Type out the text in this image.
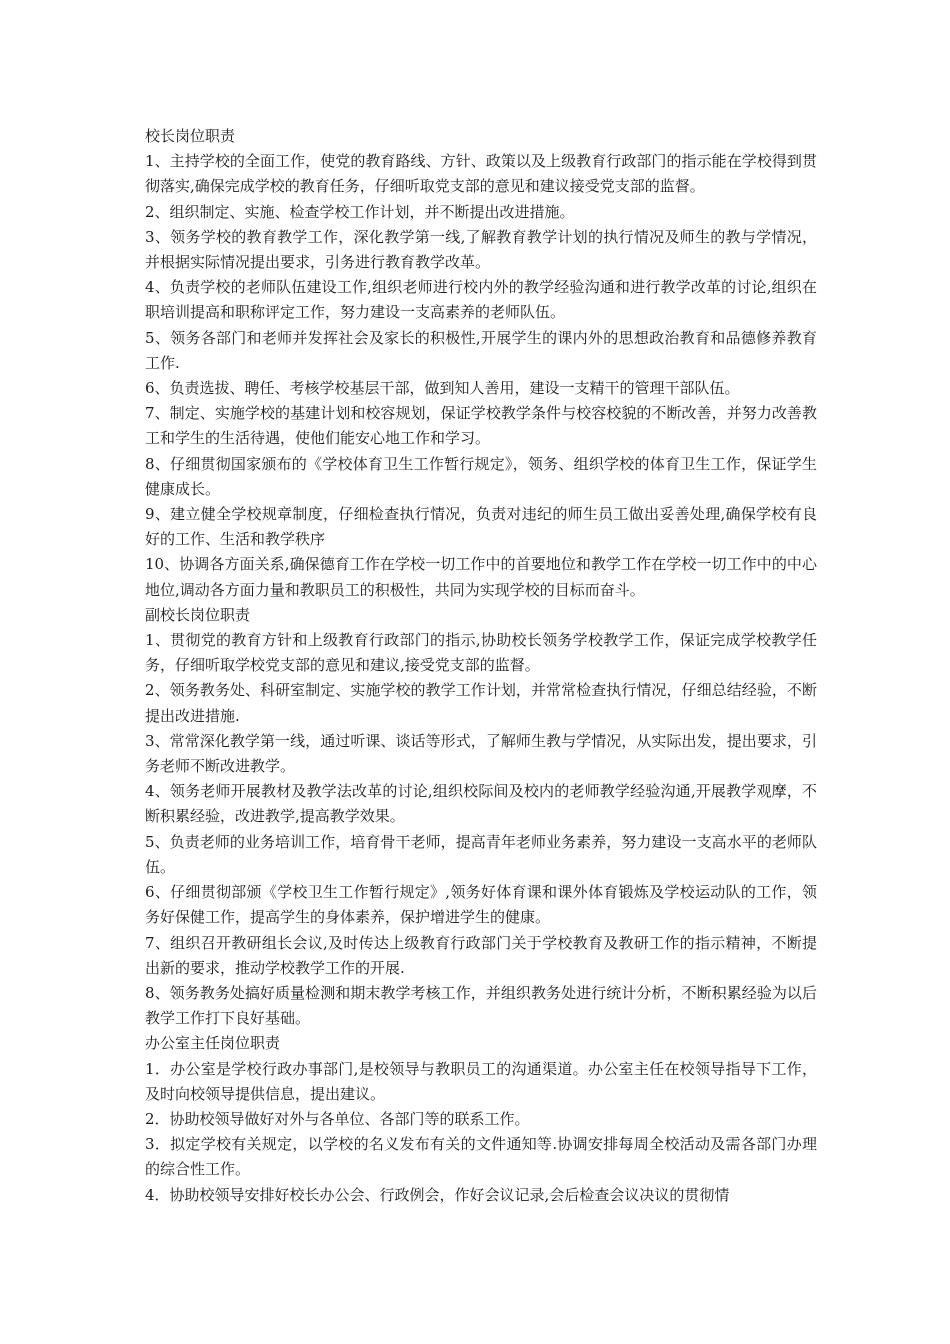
校长岗位职责

1、主持学校的全面工作，使党的教育路线、方针、政策以及上级教育行政部门的指示能在学校得到贯彻落实,确保完成学校的教育任务，仔细听取党支部的意见和建议接受党支部的监督。

2、组织制定、实施、检查学校工作计划，并不断提出改进措施。

3、领务学校的教育教学工作，深化教学第一线,了解教育教学计划的执行情况及师生的教与学情况，并根据实际情况提出要求，引务进行教育教学改革。

4、负责学校的老师队伍建设工作,组织老师进行校内外的教学经验沟通和进行教学改革的讨论,组织在职培训提高和职称评定工作，努力建设一支高素养的老师队伍。

5、领务各部门和老师并发挥社会及家长的积极性,开展学生的课内外的思想政治教育和品德修养教育工作.

6、负责选拔、聘任、考核学校基层干部，做到知人善用，建设一支精干的管理干部队伍。

7、制定、实施学校的基建计划和校容规划，保证学校教学条件与校容校貌的不断改善，并努力改善教工和学生的生活待遇，使他们能安心地工作和学习。

8、仔细贯彻国家颁布的《学校体育卫生工作暂行规定》，领务、组织学校的体育卫生工作，保证学生健康成长。

9、建立健全学校规章制度，仔细检查执行情况，负责对违纪的师生员工做出妥善处理,确保学校有良好的工作、生活和教学秩序

10、协调各方面关系,确保德育工作在学校一切工作中的首要地位和教学工作在学校一切工作中的中心地位,调动各方面力量和教职员工的积极性，共同为实现学校的目标而奋斗。

副校长岗位职责

1、贯彻党的教育方针和上级教育行政部门的指示,协助校长领务学校教学工作，保证完成学校教学任务，仔细听取学校党支部的意见和建议,接受党支部的监督。

2、领务教务处、科研室制定、实施学校的教学工作计划，并常常检查执行情况，仔细总结经验，不断提出改进措施.

3、常常深化教学第一线，通过听课、谈话等形式，了解师生教与学情况，从实际出发，提出要求，引务老师不断改进教学。

4、领务老师开展教材及教学法改革的讨论,组织校际间及校内的老师教学经验沟通,开展教学观摩，不断积累经验，改进教学,提高教学效果。

5、负责老师的业务培训工作，培育骨干老师，提高青年老师业务素养，努力建设一支高水平的老师队伍。

6、仔细贯彻部颁《学校卫生工作暂行规定》,领务好体育课和课外体育锻炼及学校运动队的工作，领务好保健工作，提高学生的身体素养，保护增进学生的健康。

7、组织召开教研组长会议,及时传达上级教育行政部门关于学校教育及教研工作的指示精神，不断提出新的要求，推动学校教学工作的开展.

8、领务教务处搞好质量检测和期末教学考核工作，并组织教务处进行统计分析，不断积累经验为以后教学工作打下良好基础。

办公室主任岗位职责

1．办公室是学校行政办事部门,是校领导与教职员工的沟通渠道。办公室主任在校领导指导下工作，及时向校领导提供信息，提出建议。

2．协助校领导做好对外与各单位、各部门等的联系工作。

3．拟定学校有关规定，以学校的名义发布有关的文件通知等.协调安排每周全校活动及需各部门办理的综合性工作。

4．协助校领导安排好校长办公会、行政例会，作好会议记录,会后检查会议决议的贯彻情
